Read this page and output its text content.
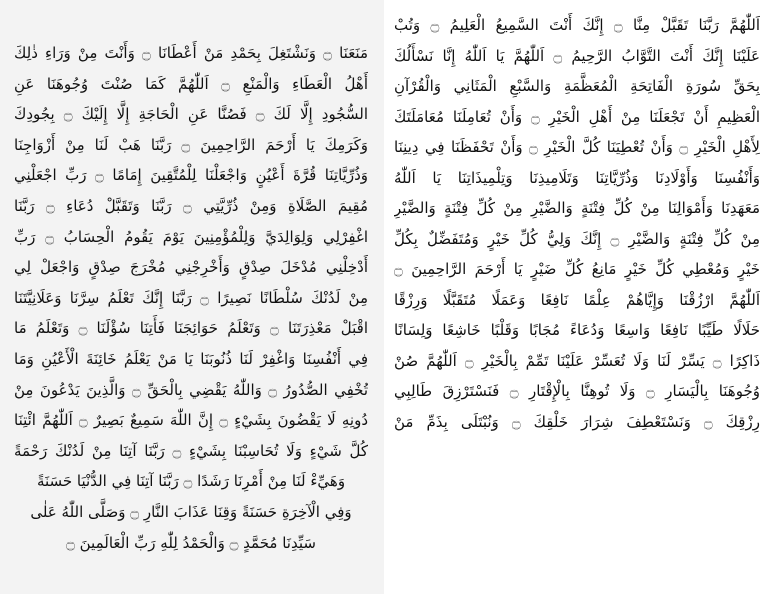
مَنَعَنَا ۝ وَنَشْتَغِلَ بِحَمْدِ مَنْ أَعْطَانَا ۝ وَأَنْتَ مِنْ وَرَاءِ ذٰلِكَ
أَهْلُ الْعَطَاءِ وَالْمَنْعِ ۝ اَللّٰهُمَّ كَمَا صُنْتَ وُجُوهَنَا عَنِ
السُّجُودِ إِلَّا لَكَ ۝ فَصُنَّا عَنِ الْحَاجَةِ إِلَّا إِلَيْكَ ۝ بِجُودِكَ
وَكَرَمِكَ يَا أَرْحَمَ الرَّاحِمِينَ ۝ رَبَّنَا هَبْ لَنَا مِنْ أَزْوَاجِنَا
وَذُرِّيَّاتِنَا قُرَّةَ أَعْيُنٍ وَاجْعَلْنَا لِلْمُتَّقِينَ إِمَامًا ۝ رَبِّ اجْعَلْنِي
مُقِيمَ الصَّلَاةِ وَمِنْ ذُرِّيَّتِي ۝ رَبَّنَا وَتَقَبَّلْ دُعَاءِ ۝ رَبَّنَا
اغْفِرْلِي وَلِوَالِدَيَّ وَلِلْمُؤْمِنِينَ يَوْمَ يَقُومُ الْحِسَابُ ۝ رَبِّ
أَدْخِلْنِي مُدْخَلَ صِدْقٍ وَأَخْرِجْنِي مُخْرَجَ صِدْقٍ وَاجْعَلْ لِي
مِنْ لَدُنْكَ سُلْطَانًا نَصِيرًا ۝ رَبَّنَا إِنَّكَ تَعْلَمُ سِرَّنَا وَعَلَانِيَّتَنَا
اقْبَلْ مَعْذِرَتَنَا ۝ وَتَعْلَمُ حَوَائِجَنَا فَأَتِنَا سُؤْلَنَا ۝ وَتَعْلَمُ مَا
فِي أَنْفُسِنَا وَاغْفِرْ لَنَا ذُنُوبَنَا يَا مَنْ يَعْلَمُ خَائِنَةَ الْأَعْيُنِ وَمَا
تُخْفِي الصُّدُورُ ۝ وَاللّٰهُ يَقْضِي بِالْحَقِّ ۝ وَالَّذِينَ يَدْعُونَ مِنْ
دُونِهِ لَا يَقْضُونَ بِشَيْءٍ ۝ إِنَّ اللّٰهَ سَمِيعٌ بَصِيرٌ ۝ اَللّٰهُمَّ ائْتِنَا
كُلَّ شَيْءٍ وَلَا تُحَاسِبْنَا بِشَيْءٍ ۝ رَبَّنَا آتِنَا مِنْ لَدُنْكَ رَحْمَةً
وَهَيِّءْ لَنَا مِنْ أَمْرِنَا رَشَدًا ۝ رَبَّنَا آتِنَا فِي الدُّنْيَا حَسَنَةً
وَفِي الْآخِرَةِ حَسَنَةً وَقِنَا عَذَابَ النَّارِ ۝ وَصَلَّى اللّٰهُ عَلٰى
سَيِّدِنَا مُحَمَّدٍ ۝ وَالْحَمْدُ لِلّٰهِ رَبِّ الْعَالَمِينَ ۝
اَللّٰهُمَّ رَبَّنَا تَقَبَّلْ مِنَّا ۝ إِنَّكَ أَنْتَ السَّمِيعُ الْعَلِيمُ ۝ وَتُبْ
عَلَيْنَا إِنَّكَ أَنْتَ التَّوَّابُ الرَّحِيمُ ۝ اَللّٰهُمَّ يَا اَللّٰهُ إِنَّا نَسْأَلُكَ
بِحَقِّ سُورَةِ الْفَاتِحَةِ الْمُعَظَّمَةِ وَالسَّبْعِ الْمَثَانِي وَالْقُرْآنِ
الْعَظِيمِ أَنْ تَجْعَلَنَا مِنْ أَهْلِ الْخَيْرِ ۝ وَأَنْ تُعَامِلَنَا مُعَامَلَتَكَ
لِأَهْلِ الْخَيْرِ ۝ وَأَنْ تُعْطِيَنَا كُلَّ الْخَيْرِ ۝ وَأَنْ تَحْفَظَنَا فِي دِينِنَا
وَأَنْفُسِنَا وَأَوْلَادِنَا وَذُرِّيَّاتِنَا وَتَلَامِيذِنَا وَتِلْمِيذَاتِنَا يَا اَللّٰهُ
مَعَهَدِنَا وَأَمْوَالِنَا مِنْ كُلِّ فِتْنَةٍ وَالضَّيْرِ مِنْ كُلِّ فِتْنَةٍ وَالضَّيْرِ
مِنْ كُلِّ فِتْنَةٍ وَالضَّيْرِ ۝ إِنَّكَ وَلِيُّ كُلِّ خَيْرٍ وَمُتَفَضِّلٌ بِكُلِّ
خَيْرٍ وَمُعْطِي كُلِّ خَيْرٍ مَانِعُ كُلِّ ضَيْرٍ يَا أَرْحَمَ الرَّاحِمِينَ ۝
اَللّٰهُمَّ ارْزُقْنَا وَإِيَّاهُمْ عِلْمًا نَافِعًا وَعَمَلًا مُتَقَبَّلًا وَرِزْقًا
حَلَالًا طَيِّبًا نَافِعًا وَاسِعًا وَدُعَاءً مُجَابًا وَقَلْبًا خَاشِعًا وَلِسَانًا
ذَاكِرًا ۝ يَسِّرْ لَنَا وَلَا تُعَسِّرْ عَلَيْنَا تَمِّمْ بِالْخَيْرِ ۝ اَللّٰهُمَّ صُنْ
وُجُوهَنَا بِالْيَسَارِ ۝ وَلَا تُوهِنَّا بِالْإِقْتَارِ ۝ فَنَسْتَرْزِقَ طَالِبِي
رِزْقِكَ ۝ وَنَسْتَعْطِفَ شِرَارَ خَلْقِكَ ۝ وَنُبْتَلَى بِذَمِّ مَنْ
